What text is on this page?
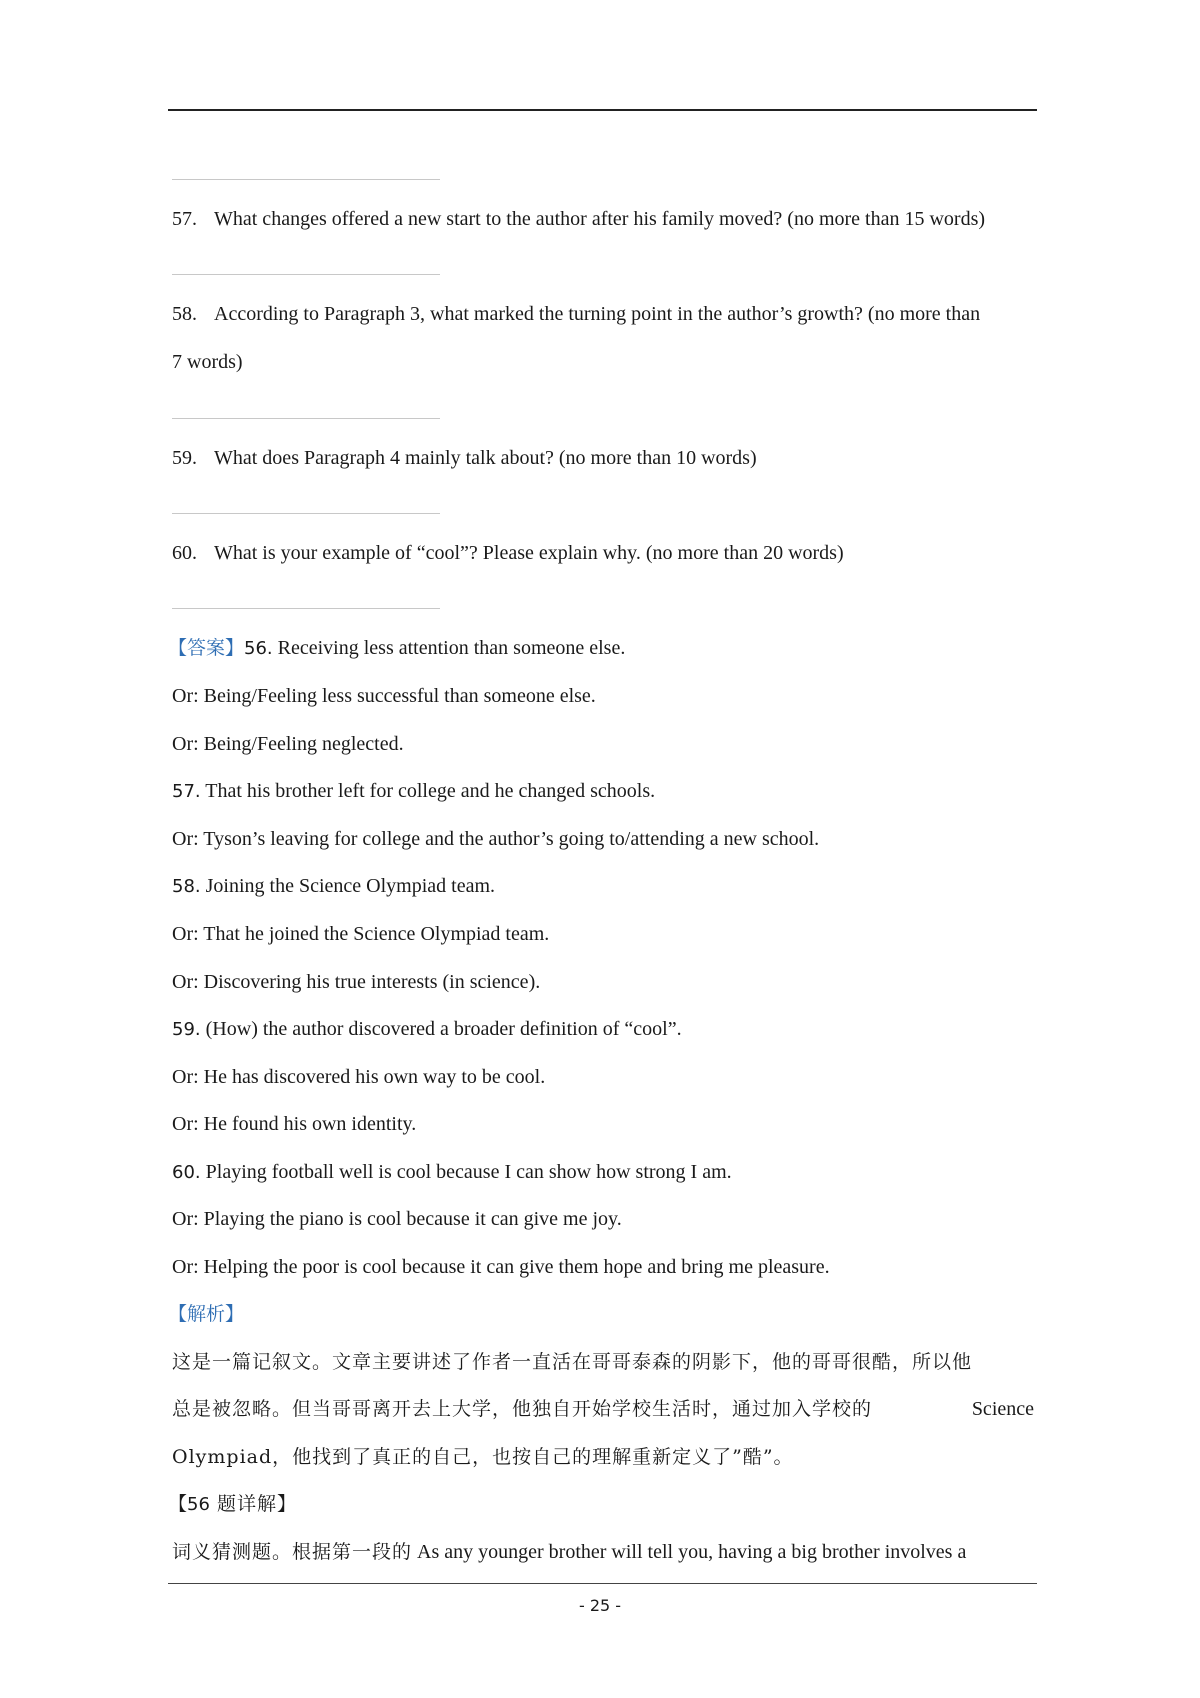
57. What changes offered a new start to the author after his family moved? (no more than 15 words)
58. According to Paragraph 3, what marked the turning point in the author’s growth? (no more than
7 words)
59. What does Paragraph 4 mainly talk about? (no more than 10 words)
60. What is your example of “cool”? Please explain why. (no more than 20 words)
【答案】56. Receiving less attention than someone else.
Or: Being/Feeling less successful than someone else.
Or: Being/Feeling neglected.
57. That his brother left for college and he changed schools.
Or: Tyson’s leaving for college and the author’s going to/attending a new school.
58. Joining the Science Olympiad team.
Or: That he joined the Science Olympiad team.
Or: Discovering his true interests (in science).
59. (How) the author discovered a broader definition of “cool”.
Or: He has discovered his own way to be cool.
Or: He found his own identity.
60. Playing football well is cool because I can show how strong I am.
Or: Playing the piano is cool because it can give me joy.
Or: Helping the poor is cool because it can give them hope and bring me pleasure.
【解析】
这是一篇记叙文。文章主要讲述了作者一直活在哥哥泰森的阴影下，他的哥哥很酷，所以他
总是被忽略。但当哥哥离开去上大学，他独自开始学校生活时，通过加入学校的	Science
Olympiad，他找到了真正的自己，也按自己的理解重新定义了”酷”。
【56 题详解】
词义猜测题。根据第一段的 As any younger brother will tell you, having a big brother involves a
- 25 -
